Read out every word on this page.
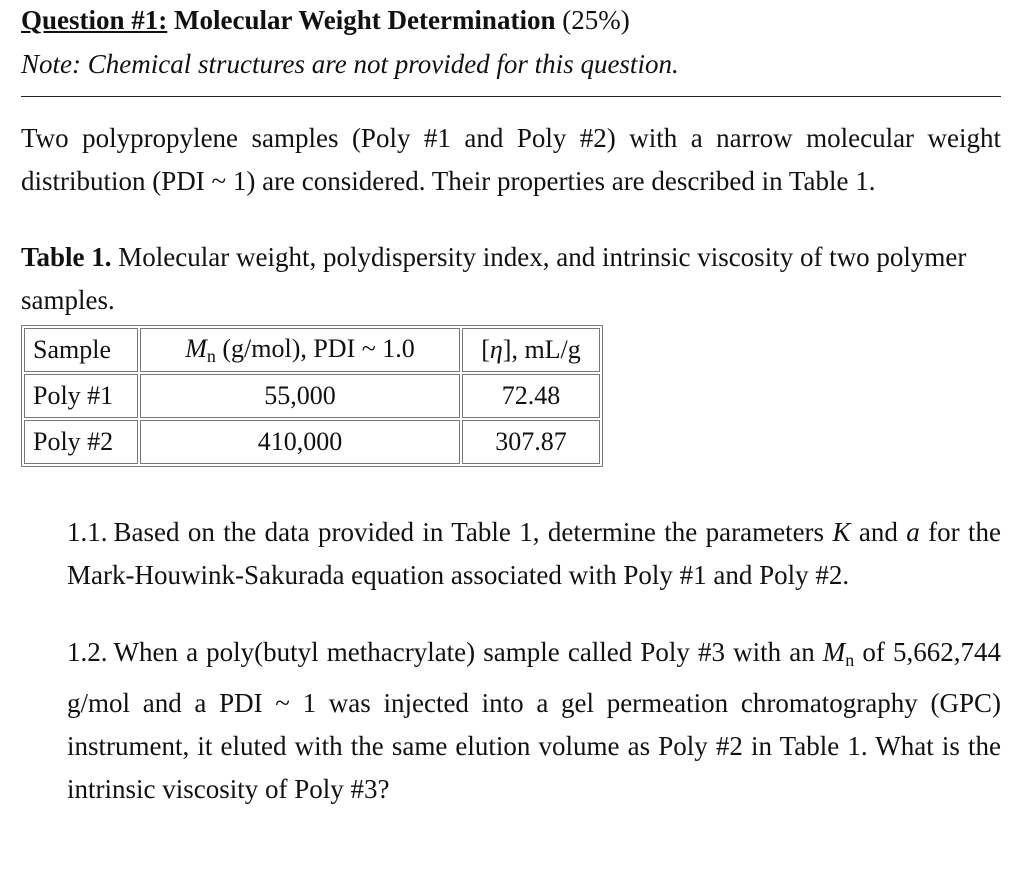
Question #1: Molecular Weight Determination (25%)
Note: Chemical structures are not provided for this question.

Two polypropylene samples (Poly #1 and Poly #2) with a narrow molecular weight distribution (PDI ~ 1) are considered. Their properties are described in Table 1.

Table 1. Molecular weight, polydispersity index, and intrinsic viscosity of two polymer samples.

Sample	$M_n$ (g/mol), PDI ~ 1.0	[η], mL/g
Poly #1	55,000	72.48
Poly #2	410,000	307.87

1.1. Based on the data provided in Table 1, determine the parameters K and a for the Mark-Houwink-Sakurada equation associated with Poly #1 and Poly #2.

1.2. When a poly(butyl methacrylate) sample called Poly #3 with an $M_n$ of 5,662,744 g/mol and a PDI ~ 1 was injected into a gel permeation chromatography (GPC) instrument, it eluted with the same elution volume as Poly #2 in Table 1. What is the intrinsic viscosity of Poly #3?
